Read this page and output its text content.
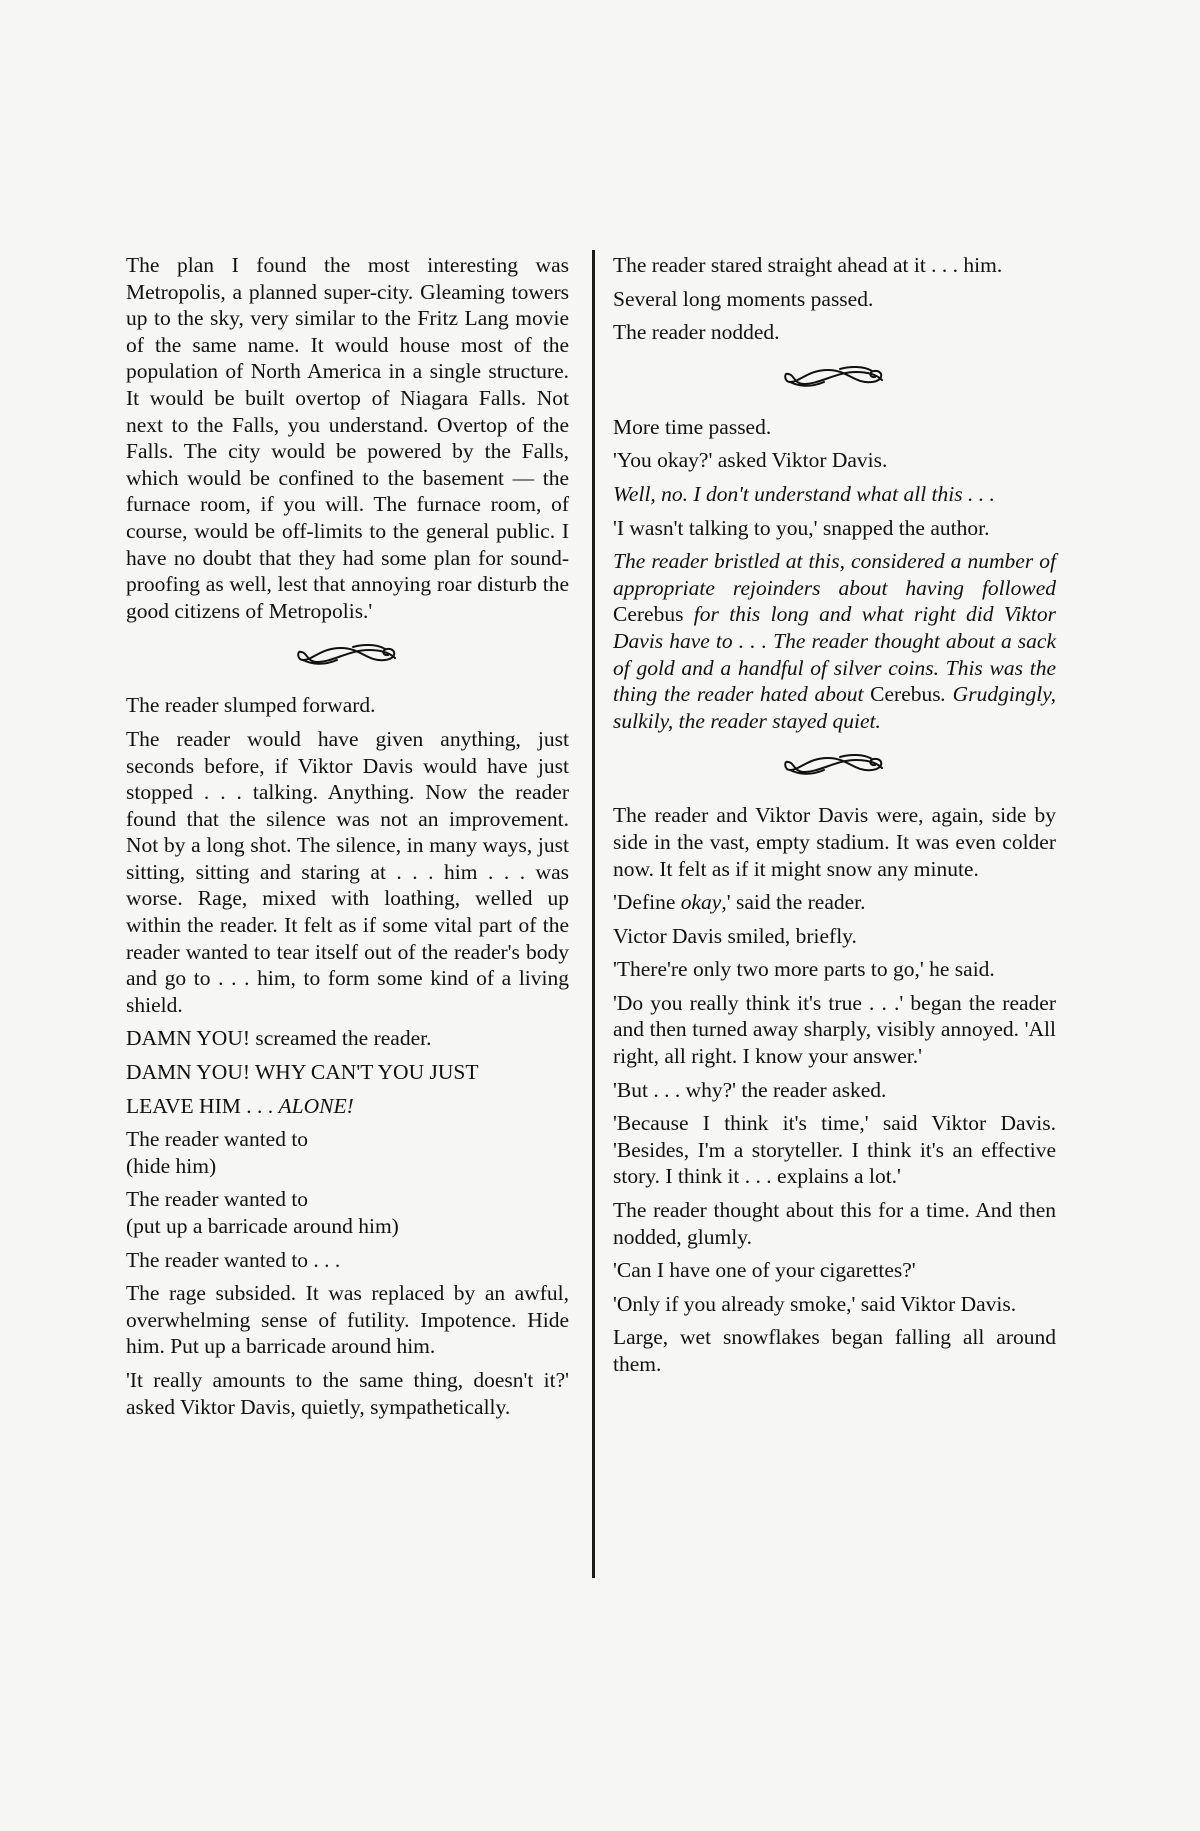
The plan I found the most interesting was Metropolis, a planned super-city. Gleaming towers up to the sky, very similar to the Fritz Lang movie of the same name. It would house most of the population of North America in a single structure. It would be built overtop of Niagara Falls. Not next to the Falls, you understand. Overtop of the Falls. The city would be powered by the Falls, which would be confined to the basement — the furnace room, if you will. The furnace room, of course, would be off-limits to the general public. I have no doubt that they had some plan for sound-proofing as well, lest that annoying roar disturb the good citizens of Metropolis.'

The reader slumped forward.

The reader would have given anything, just seconds before, if Viktor Davis would have just stopped . . . talking. Anything. Now the reader found that the silence was not an improvement. Not by a long shot. The silence, in many ways, just sitting, sitting and staring at . . . him . . . was worse. Rage, mixed with loathing, welled up within the reader. It felt as if some vital part of the reader wanted to tear itself out of the reader's body and go to . . . him, to form some kind of a living shield.

DAMN YOU! screamed the reader.

DAMN YOU! WHY CAN'T YOU JUST

LEAVE HIM . . . ALONE!

The reader wanted to
(hide him)

The reader wanted to
(put up a barricade around him)

The reader wanted to . . .

The rage subsided. It was replaced by an awful, overwhelming sense of futility. Impotence. Hide him. Put up a barricade around him.

'It really amounts to the same thing, doesn't it?' asked Viktor Davis, quietly, sympathetically.

The reader stared straight ahead at it . . . him.

Several long moments passed.

The reader nodded.

More time passed.

'You okay?' asked Viktor Davis.

Well, no. I don't understand what all this . . .

'I wasn't talking to you,' snapped the author.

The reader bristled at this, considered a number of appropriate rejoinders about having followed Cerebus for this long and what right did Viktor Davis have to . . . The reader thought about a sack of gold and a handful of silver coins. This was the thing the reader hated about Cerebus. Grudgingly, sulkily, the reader stayed quiet.

The reader and Viktor Davis were, again, side by side in the vast, empty stadium. It was even colder now. It felt as if it might snow any minute.

'Define okay,' said the reader.

Victor Davis smiled, briefly.

'There're only two more parts to go,' he said.

'Do you really think it's true . . .' began the reader and then turned away sharply, visibly annoyed. 'All right, all right. I know your answer.'

'But . . . why?' the reader asked.

'Because I think it's time,' said Viktor Davis. 'Besides, I'm a storyteller. I think it's an effective story. I think it . . . explains a lot.'

The reader thought about this for a time. And then nodded, glumly.

'Can I have one of your cigarettes?'

'Only if you already smoke,' said Viktor Davis.

Large, wet snowflakes began falling all around them.
